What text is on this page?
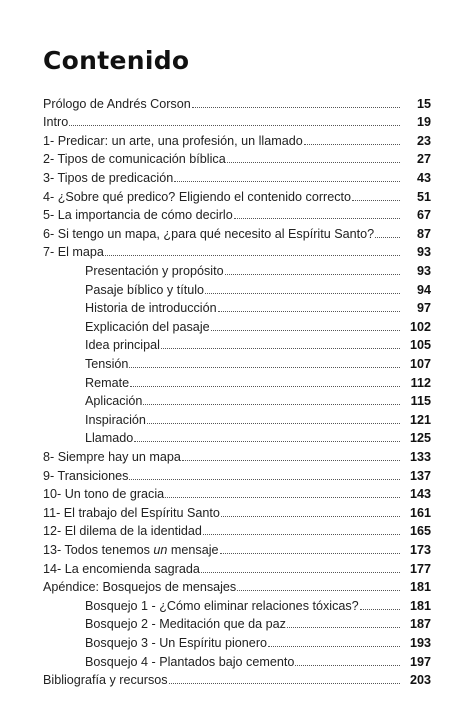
Contenido
Prólogo de Andrés Corson	15
Intro	19
1- Predicar: un arte, una profesión, un llamado	23
2- Tipos de comunicación bíblica	27
3- Tipos de predicación	43
4- ¿Sobre qué predico? Eligiendo el contenido correcto	51
5- La importancia de cómo decirlo	67
6- Si tengo un mapa, ¿para qué necesito al Espíritu Santo?	87
7- El mapa	93
Presentación y propósito	93
Pasaje bíblico y título	94
Historia de introducción	97
Explicación del pasaje	102
Idea principal	105
Tensión	107
Remate	112
Aplicación	115
Inspiración	121
Llamado	125
8- Siempre hay un mapa	133
9- Transiciones	137
10- Un tono de gracia	143
11- El trabajo del Espíritu Santo	161
12- El dilema de la identidad	165
13- Todos tenemos un mensaje	173
14- La encomienda sagrada	177
Apéndice: Bosquejos de mensajes	181
Bosquejo 1 - ¿Cómo eliminar relaciones tóxicas?	181
Bosquejo 2 - Meditación que da paz	187
Bosquejo 3 - Un Espíritu pionero	193
Bosquejo 4 - Plantados bajo cemento	197
Bibliografía y recursos	203
